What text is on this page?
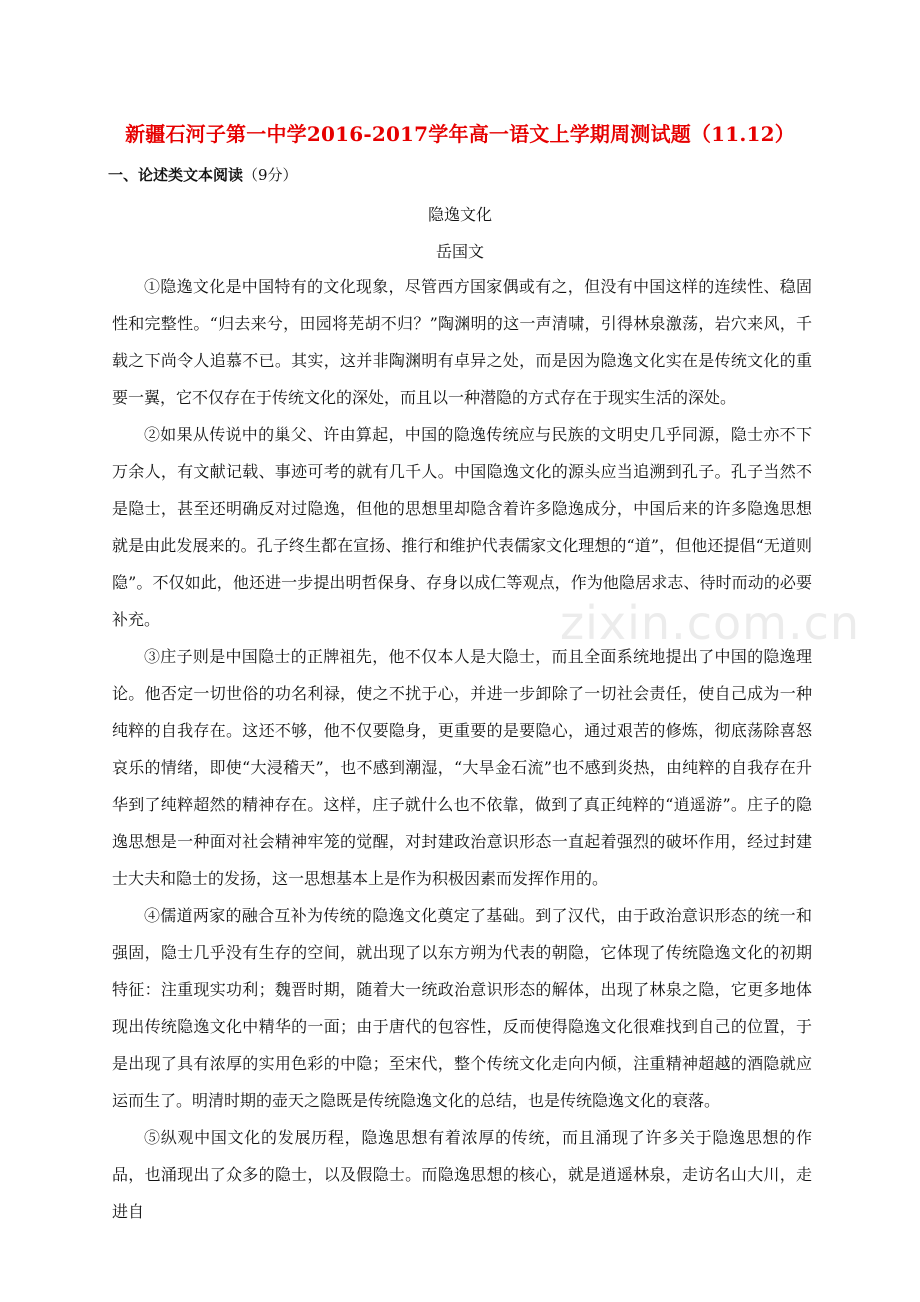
zixin.com.cn
新疆石河子第一中学2016-2017学年高一语文上学期周测试题（11.12）
一、论述类文本阅读（9分）
隐逸文化
岳国文

①隐逸文化是中国特有的文化现象，尽管西方国家偶或有之，但没有中国这样的连续性、稳固性和完整性。“归去来兮，田园将芜胡不归？”陶渊明的这一声清啸，引得林泉激荡，岩穴来风，千载之下尚令人追慕不已。其实，这并非陶渊明有卓异之处，而是因为隐逸文化实在是传统文化的重要一翼，它不仅存在于传统文化的深处，而且以一种潜隐的方式存在于现实生活的深处。

②如果从传说中的巢父、许由算起，中国的隐逸传统应与民族的文明史几乎同源，隐士亦不下万余人，有文献记载、事迹可考的就有几千人。中国隐逸文化的源头应当追溯到孔子。孔子当然不是隐士，甚至还明确反对过隐逸，但他的思想里却隐含着许多隐逸成分，中国后来的许多隐逸思想就是由此发展来的。孔子终生都在宣扬、推行和维护代表儒家文化理想的“道”，但他还提倡“无道则隐”。不仅如此，他还进一步提出明哲保身、存身以成仁等观点，作为他隐居求志、待时而动的必要补充。

③庄子则是中国隐士的正牌祖先，他不仅本人是大隐士，而且全面系统地提出了中国的隐逸理论。他否定一切世俗的功名利禄，使之不扰于心，并进一步卸除了一切社会责任，使自己成为一种纯粹的自我存在。这还不够，他不仅要隐身，更重要的是要隐心，通过艰苦的修炼，彻底荡除喜怒哀乐的情绪，即使“大浸稽天”，也不感到潮湿，“大旱金石流”也不感到炎热，由纯粹的自我存在升华到了纯粹超然的精神存在。这样，庄子就什么也不依靠，做到了真正纯粹的“逍遥游”。庄子的隐逸思想是一种面对社会精神牢笼的觉醒，对封建政治意识形态一直起着强烈的破坏作用，经过封建士大夫和隐士的发扬，这一思想基本上是作为积极因素而发挥作用的。

④儒道两家的融合互补为传统的隐逸文化奠定了基础。到了汉代，由于政治意识形态的统一和强固，隐士几乎没有生存的空间，就出现了以东方朔为代表的朝隐，它体现了传统隐逸文化的初期特征：注重现实功利；魏晋时期，随着大一统政治意识形态的解体，出现了林泉之隐，它更多地体现出传统隐逸文化中精华的一面；由于唐代的包容性，反而使得隐逸文化很难找到自己的位置，于是出现了具有浓厚的实用色彩的中隐；至宋代，整个传统文化走向内倾，注重精神超越的酒隐就应运而生了。明清时期的壶天之隐既是传统隐逸文化的总结，也是传统隐逸文化的衰落。

⑤纵观中国文化的发展历程，隐逸思想有着浓厚的传统，而且涌现了许多关于隐逸思想的作品，也涌现出了众多的隐士，以及假隐士。而隐逸思想的核心，就是逍遥林泉，走访名山大川，走进自
